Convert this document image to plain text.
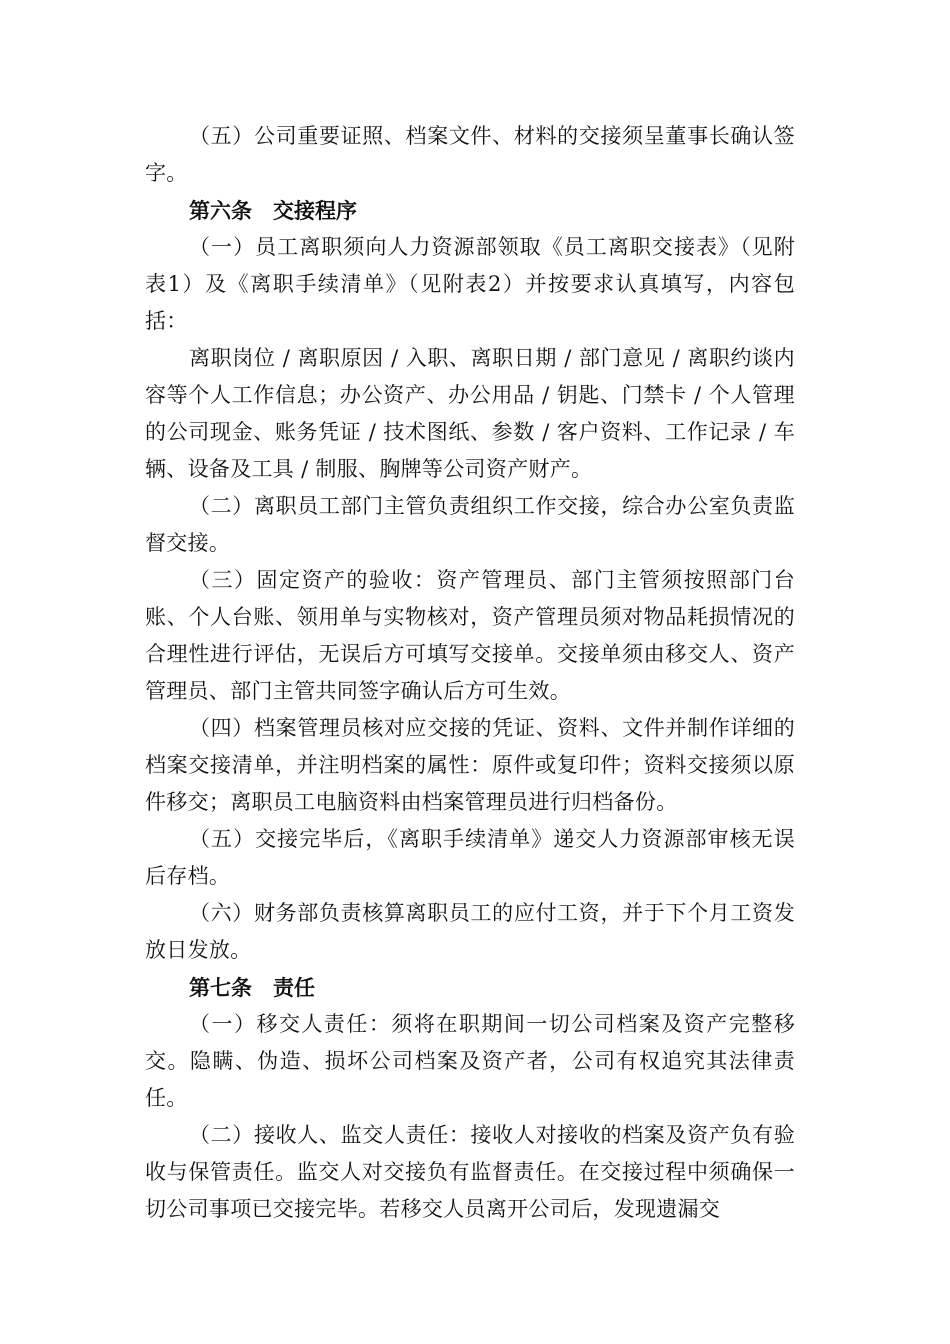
（五）公司重要证照、档案文件、材料的交接须呈董事长确认签字。

第六条 交接程序

（一）员工离职须向人力资源部领取《员工离职交接表》（见附表1）及《离职手续清单》（见附表2）并按要求认真填写，内容包括：

离职岗位 / 离职原因 / 入职、离职日期 / 部门意见 / 离职约谈内容等个人工作信息；办公资产、办公用品 / 钥匙、门禁卡 / 个人管理的公司现金、账务凭证 / 技术图纸、参数 / 客户资料、工作记录 / 车辆、设备及工具 / 制服、胸牌等公司资产财产。

（二）离职员工部门主管负责组织工作交接，综合办公室负责监督交接。

（三）固定资产的验收：资产管理员、部门主管须按照部门台账、个人台账、领用单与实物核对，资产管理员须对物品耗损情况的合理性进行评估，无误后方可填写交接单。交接单须由移交人、资产管理员、部门主管共同签字确认后方可生效。

（四）档案管理员核对应交接的凭证、资料、文件并制作详细的档案交接清单，并注明档案的属性：原件或复印件；资料交接须以原件移交；离职员工电脑资料由档案管理员进行归档备份。

（五）交接完毕后，《离职手续清单》递交人力资源部审核无误后存档。

（六）财务部负责核算离职员工的应付工资，并于下个月工资发放日发放。

第七条 责任

（一）移交人责任：须将在职期间一切公司档案及资产完整移交。隐瞒、伪造、损坏公司档案及资产者，公司有权追究其法律责任。

（二）接收人、监交人责任：接收人对接收的档案及资产负有验收与保管责任。监交人对交接负有监督责任。在交接过程中须确保一切公司事项已交接完毕。若移交人员离开公司后，发现遗漏交
